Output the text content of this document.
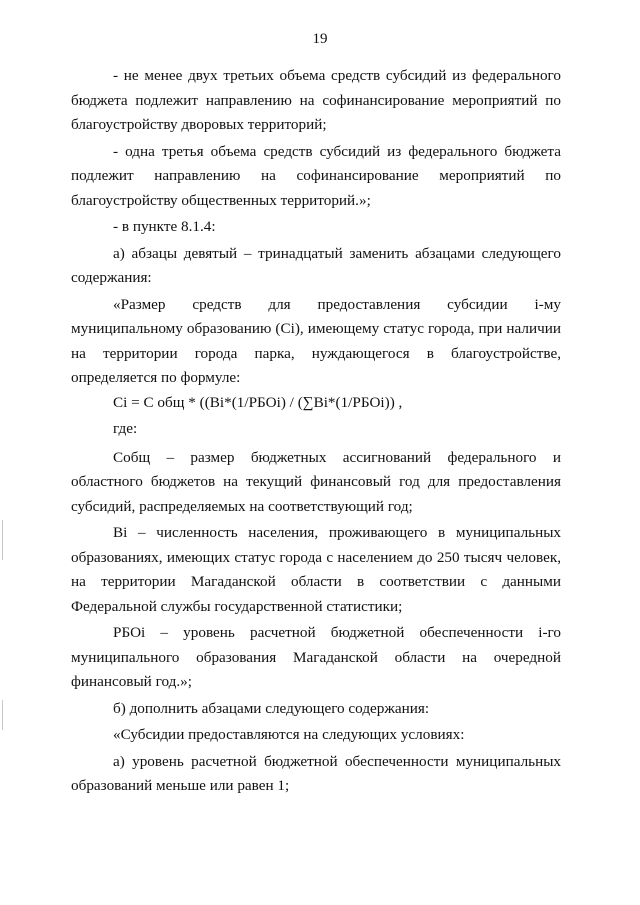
19

- не менее двух третьих объема средств субсидий из федерального бюджета подлежит направлению на софинансирование мероприятий по благоустройству дворовых территорий;

- одна третья объема средств субсидий из федерального бюджета подлежит направлению на софинансирование мероприятий по благоустройству общественных территорий.»;

- в пункте 8.1.4:

а) абзацы девятый – тринадцатый заменить абзацами следующего содержания:

«Размер средств для предоставления субсидии i-му муниципальному образованию (Ci), имеющему статус города, при наличии на территории города парка, нуждающегося в благоустройстве, определяется по формуле:

Ci = С общ * ((Bi*(1/РБОi) / (∑Bi*(1/РБОi)) ,

где:

Собщ – размер бюджетных ассигнований федерального и областного бюджетов на текущий финансовый год для предоставления субсидий, распределяемых на соответствующий год;

Bi – численность населения, проживающего в муниципальных образованиях, имеющих статус города с населением до 250 тысяч человек, на территории Магаданской области в соответствии с данными Федеральной службы государственной статистики;

РБОi – уровень расчетной бюджетной обеспеченности i-го муниципального образования Магаданской области на очередной финансовый год.»;

б) дополнить абзацами следующего содержания:

«Субсидии предоставляются на следующих условиях:

а) уровень расчетной бюджетной обеспеченности муниципальных образований меньше или равен 1;
